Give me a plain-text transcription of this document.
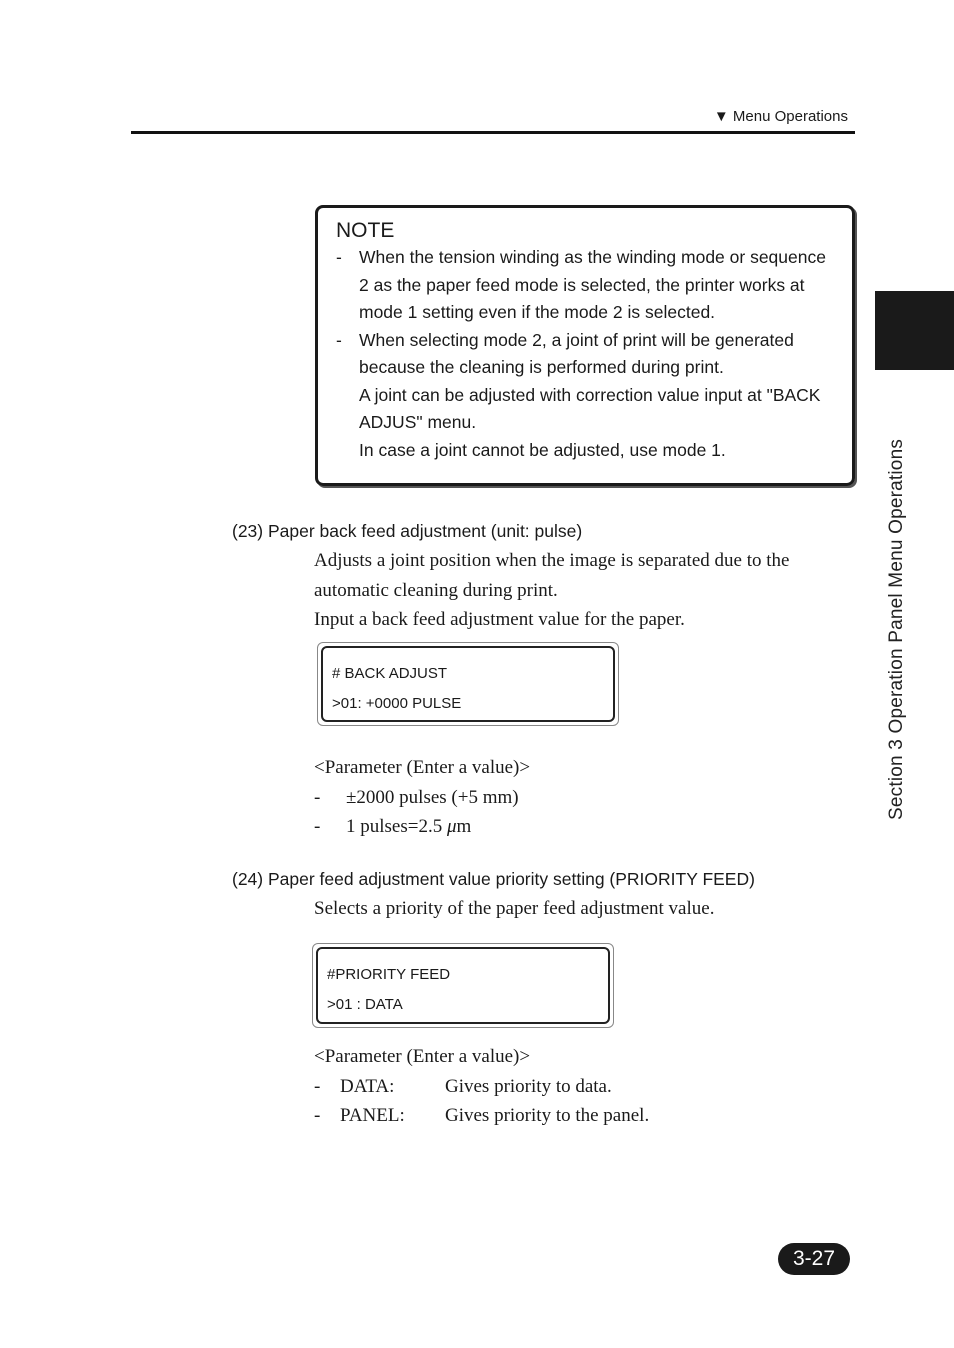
▼ Menu Operations
Section 3 Operation Panel Menu Operations
NOTE
- When the tension winding as the winding mode or sequence
2 as the paper feed mode is selected, the printer works at
mode 1 setting even if the mode 2 is selected.
- When selecting mode 2, a joint of print will be generated
because the cleaning is performed during print.
A joint can be adjusted with correction value input at "BACK
ADJUS" menu.
In case a joint cannot be adjusted, use mode 1.
(23) Paper back feed adjustment (unit: pulse)
Adjusts a joint position when the image is separated due to the
automatic cleaning during print.
Input a back feed adjustment value for the paper.
# BACK ADJUST
>01: +0000 PULSE
<Parameter (Enter a value)>
- ±2000 pulses (+5 mm)
- 1 pulses=2.5 μm
(24) Paper feed adjustment value priority setting (PRIORITY FEED)
Selects a priority of the paper feed adjustment value.
#PRIORITY FEED
>01 : DATA
<Parameter (Enter a value)>
- DATA:	Gives priority to data.
- PANEL: Gives priority to the panel.
3-27
